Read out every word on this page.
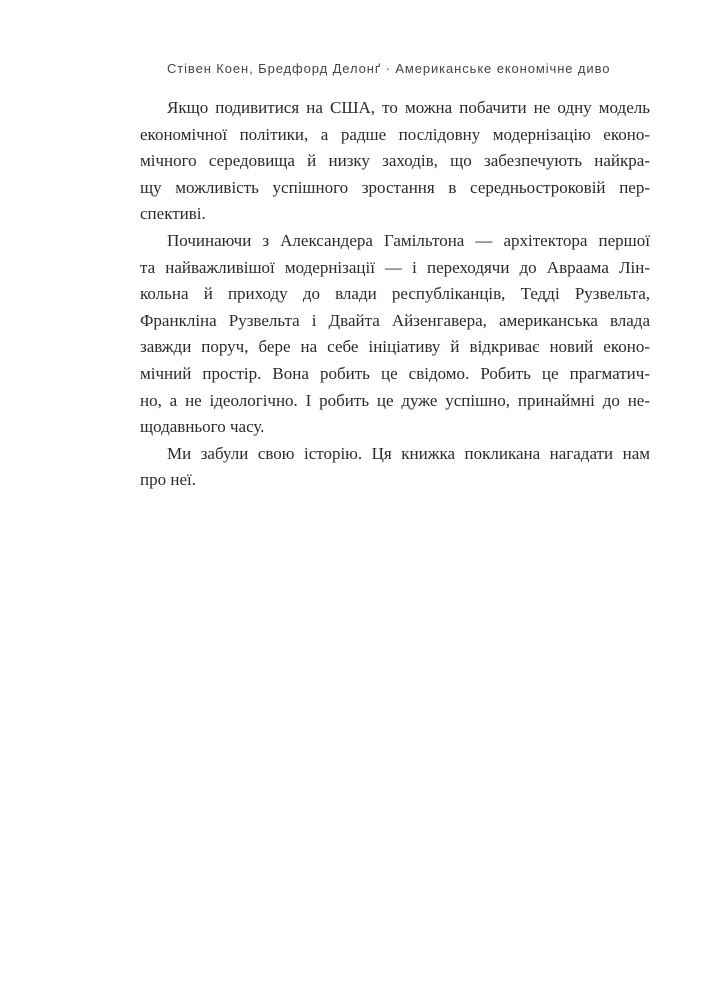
Стівен Коен, Бредфорд Делонґ · Американське економічне диво
Якщо подивитися на США, то можна побачити не одну модель
економічної політики, а радше послідовну модернізацію еконо-
мічного середовища й низку заходів, що забезпечують найкра-
щу можливість успішного зростання в середньостроковій пер-
спективі.
Починаючи з Александера Гамільтона — архітектора першої
та найважливішої модернізації — і переходячи до Авраама Лін-
кольна й приходу до влади республіканців, Тедді Рузвельта,
Франкліна Рузвельта і Двайта Айзенгавера, американська влада
завжди поруч, бере на себе ініціативу й відкриває новий еконо-
мічний простір. Вона робить це свідомо. Робить це прагматич-
но, а не ідеологічно. І робить це дуже успішно, принаймні до не-
щодавнього часу.
Ми забули свою історію. Ця книжка покликана нагадати нам
про неї.
